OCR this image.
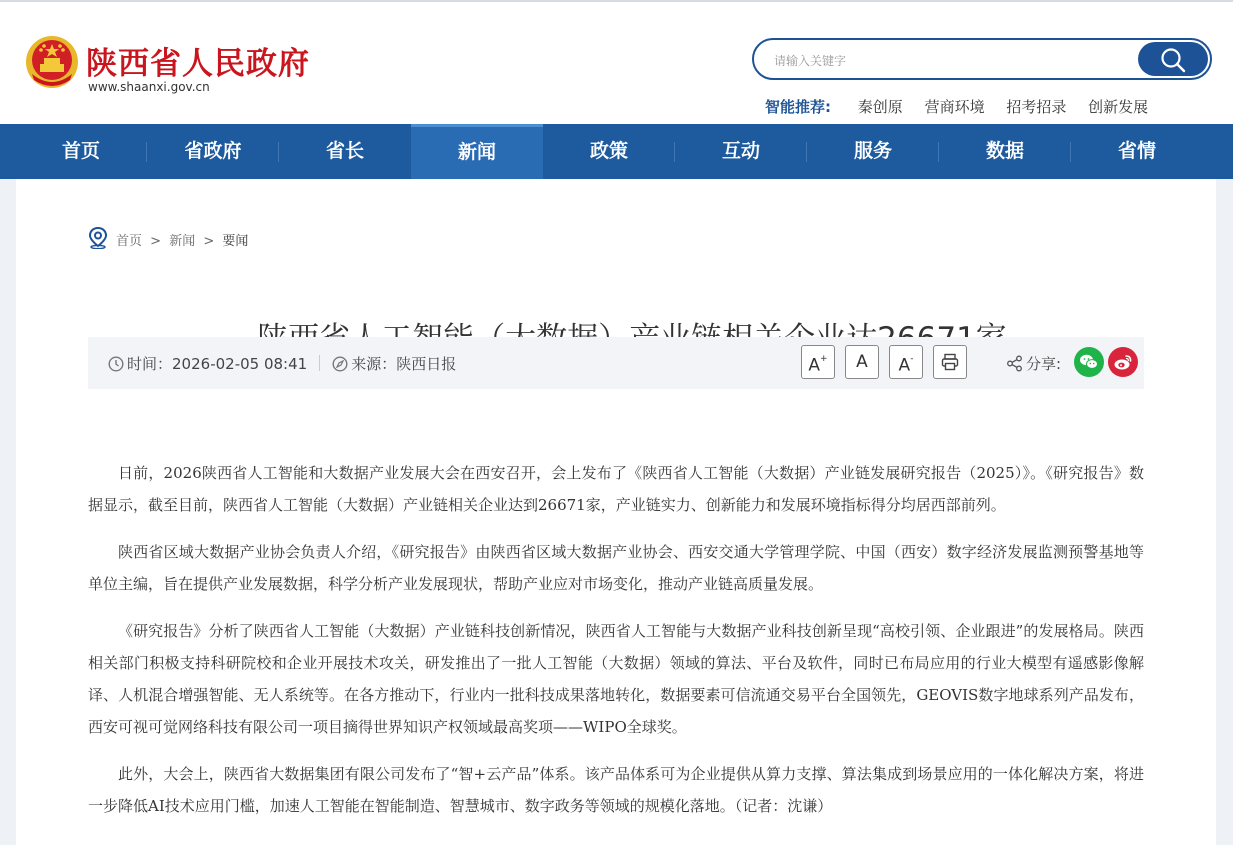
陕西省人民政府
www.shaanxi.gov.cn
请输入关键字
智能推荐: 秦创原 营商环境 招考招录 创新发展
首页	省政府	省长	新闻	政策	互动	服务	数据	省情
首页 > 新闻 > 要闻
时间：2026-02-05 08:41	来源：陕西日报	A+	A	A-	分享:

日前，2026陕西省人工智能和大数据产业发展大会在西安召开，会上发布了《陕西省人工智能（大数据）产业链发展研究报告（2025）》。《研究报告》数据显示，截至目前，陕西省人工智能（大数据）产业链相关企业达到26671家，产业链实力、创新能力和发展环境指标得分均居西部前列。

陕西省区域大数据产业协会负责人介绍，《研究报告》由陕西省区域大数据产业协会、西安交通大学管理学院、中国（西安）数字经济发展监测预警基地等单位主编，旨在提供产业发展数据，科学分析产业发展现状，帮助产业应对市场变化，推动产业链高质量发展。

《研究报告》分析了陕西省人工智能（大数据）产业链科技创新情况，陕西省人工智能与大数据产业科技创新呈现“高校引领、企业跟进”的发展格局。陕西相关部门积极支持科研院校和企业开展技术攻关，研发推出了一批人工智能（大数据）领域的算法、平台及软件，同时已布局应用的行业大模型有遥感影像解译、人机混合增强智能、无人系统等。在各方推动下，行业内一批科技成果落地转化，数据要素可信流通交易平台全国领先，GEOVIS数字地球系列产品发布，西安可视可觉网络科技有限公司一项目摘得世界知识产权领域最高奖项——WIPO全球奖。

此外，大会上，陕西省大数据集团有限公司发布了“智+云产品”体系。该产品体系可为企业提供从算力支撑、算法集成到场景应用的一体化解决方案，将进一步降低AI技术应用门槛，加速人工智能在智能制造、智慧城市、数字政务等领域的规模化落地。（记者：沈谦）
